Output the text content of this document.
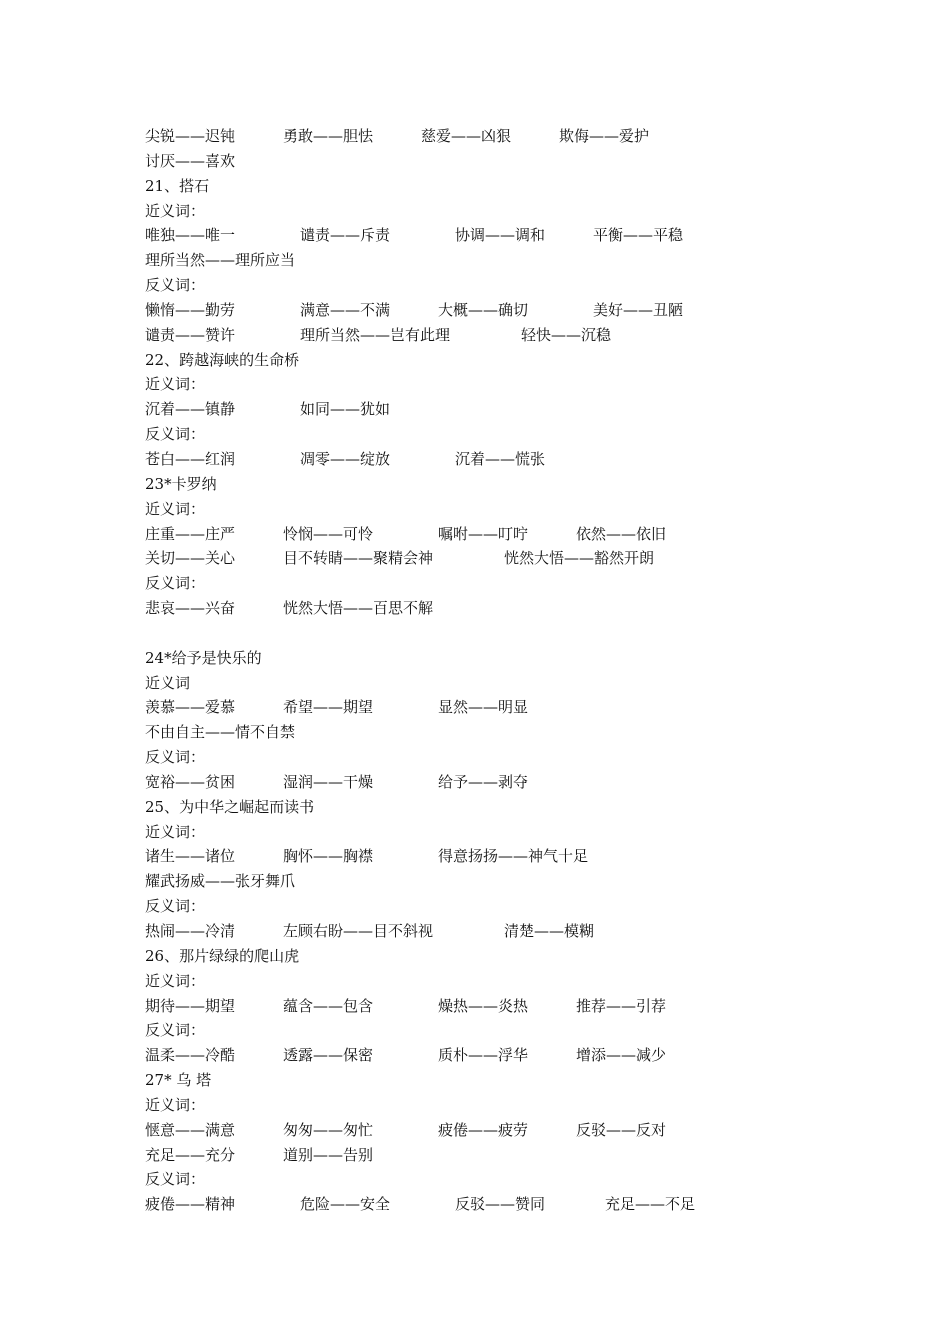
尖锐——迟钝	勇敢——胆怯	慈爱——凶狠	欺侮——爱护
讨厌——喜欢
21、搭石
近义词：
唯独——唯一	谴责——斥责	协调——调和	平衡——平稳
理所当然——理所应当
反义词：
懒惰——勤劳	满意——不满	大概——确切	美好——丑陋
谴责——赞许	理所当然——岂有此理	轻快——沉稳
22、跨越海峡的生命桥
近义词：
沉着——镇静	如同——犹如
反义词：
苍白——红润	凋零——绽放	沉着——慌张
23*卡罗纳
近义词：
庄重——庄严	怜悯——可怜	嘱咐——叮咛	依然——依旧
关切——关心	目不转睛——聚精会神	恍然大悟——豁然开朗
反义词：
悲哀——兴奋	恍然大悟——百思不解
24*给予是快乐的
近义词
羡慕——爱慕	希望——期望	显然——明显
不由自主——情不自禁
反义词：
宽裕——贫困	湿润——干燥	给予——剥夺
25、为中华之崛起而读书
近义词：
诸生——诸位	胸怀——胸襟	得意扬扬——神气十足
耀武扬威——张牙舞爪
反义词：
热闹——冷清	左顾右盼——目不斜视	清楚——模糊
26、那片绿绿的爬山虎
近义词：
期待——期望	蕴含——包含	燥热——炎热	推荐——引荐
反义词：
温柔——冷酷	透露——保密	质朴——浮华	增添——减少
27* 乌 塔
近义词：
惬意——满意	匆匆——匆忙	疲倦——疲劳	反驳——反对
充足——充分	道别——告别
反义词：
疲倦——精神	危险——安全	反驳——赞同	充足——不足
